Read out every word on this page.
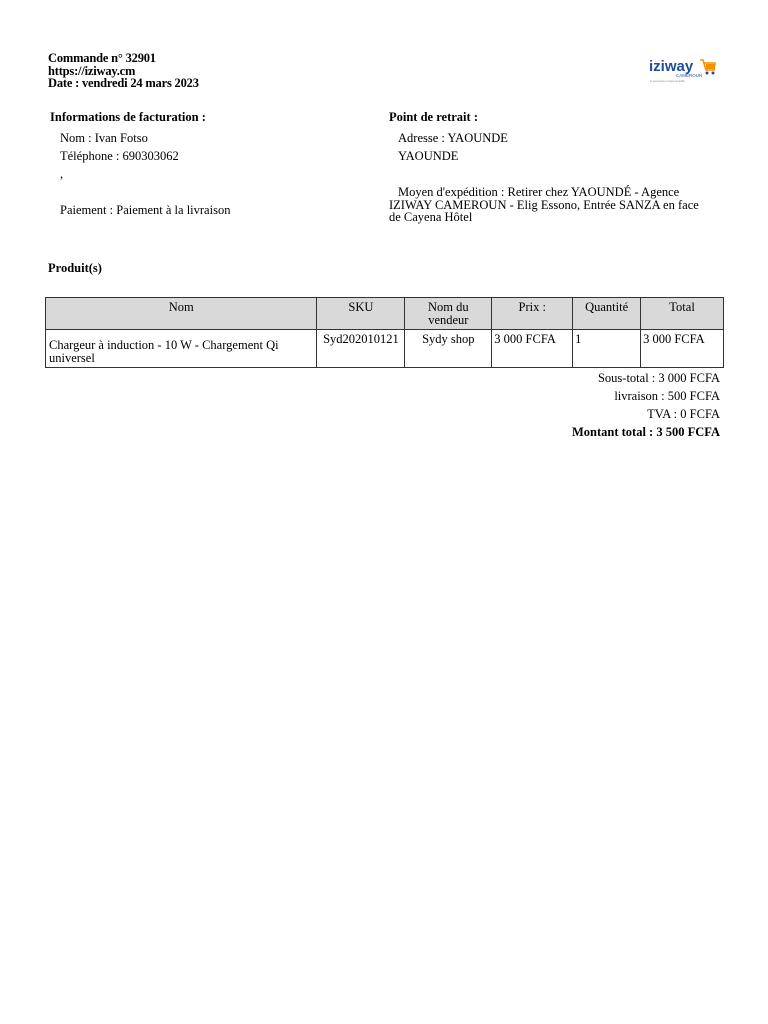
Commande n° 32901
https://iziway.cm
Date : vendredi 24 mars 2023
iziway
CAMEROUN
le commerce en ligne simplifié
Informations de facturation :
Nom : Ivan Fotso
Téléphone : 690303062
,
Paiement : Paiement à la livraison
Point de retrait :
Adresse : YAOUNDE
YAOUNDE
Moyen d'expédition : Retirer chez YAOUNDÉ - Agence
IZIWAY CAMEROUN - Elig Essono, Entrée SANZA en face
de Cayena Hôtel
Produit(s)
Nom	SKU	Nom du vendeur	Prix :	Quantité	Total
Chargeur à induction - 10 W - Chargement Qi universel	Syd202010121	Sydy shop	3 000 FCFA	1	3 000 FCFA
Sous-total : 3 000 FCFA
livraison : 500 FCFA
TVA : 0 FCFA
Montant total : 3 500 FCFA
